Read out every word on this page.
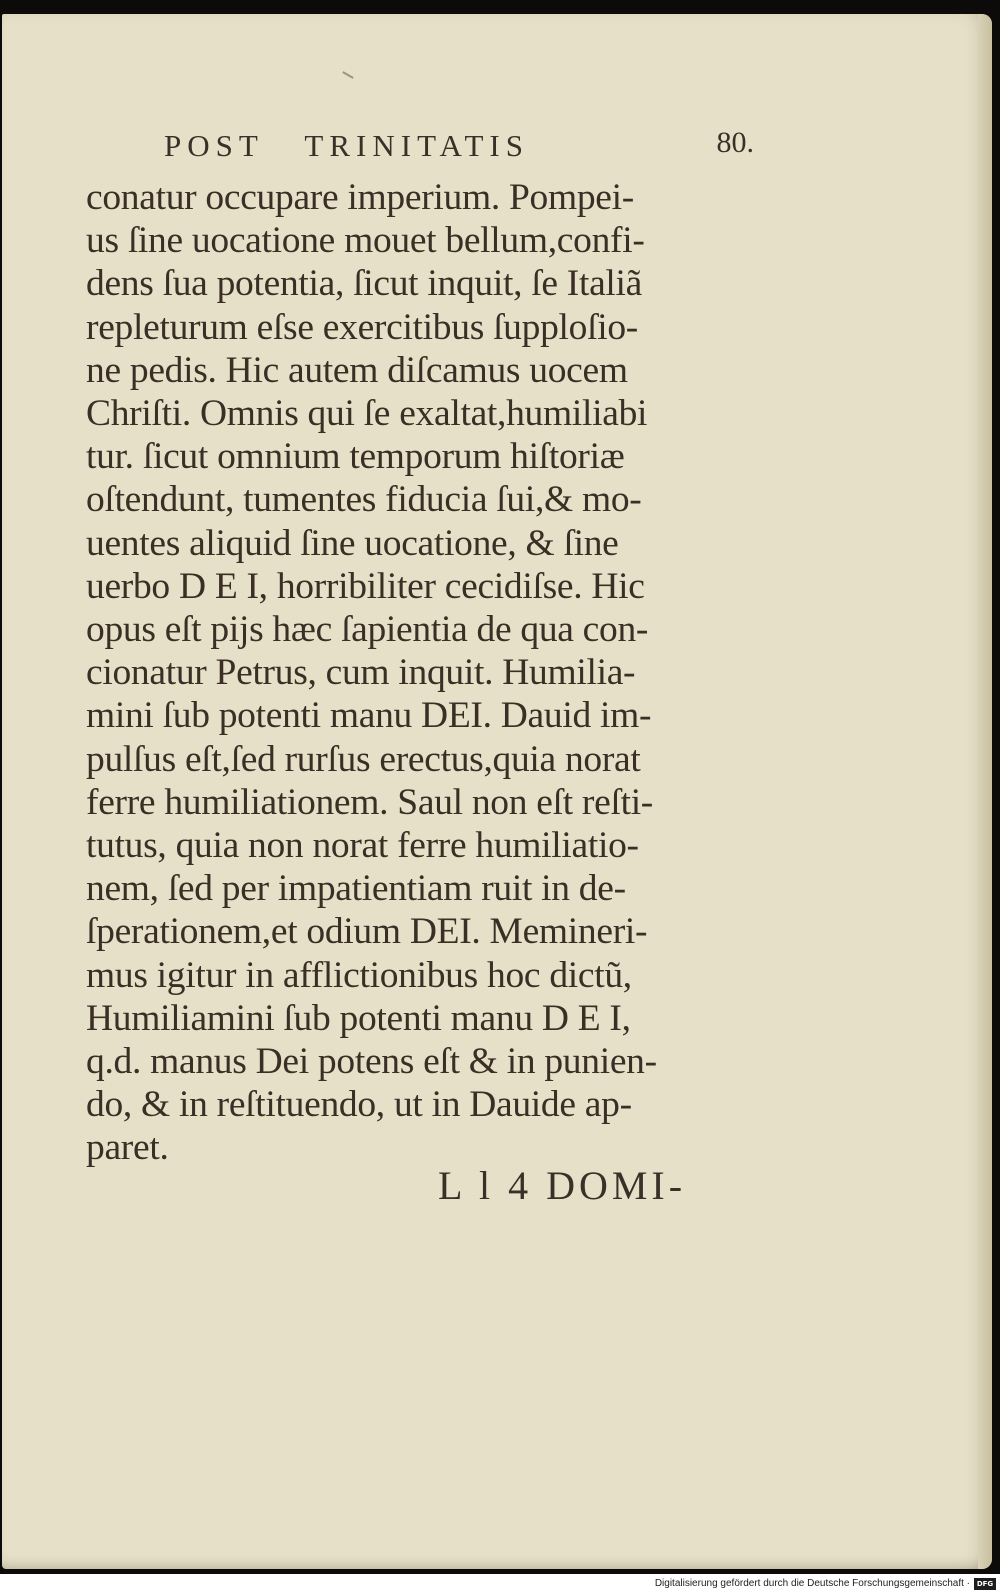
POST TRINITATIS	80.
conatur occupare imperium. Pompei-
us ſine uocatione mouet bellum,confi-
dens ſua potentia, ſicut inquit, ſe Italiã
repleturum eſse exercitibus ſupploſio-
ne pedis. Hic autem diſcamus uocem
Chriſti. Omnis qui ſe exaltat,humiliabi
tur. ſicut omnium temporum hiſtoriæ
oſtendunt, tumentes fiducia ſui,& mo-
uentes aliquid ſine uocatione, & ſine
uerbo D E I, horribiliter cecidiſse. Hic
opus eſt pijs hæc ſapientia de qua con-
cionatur Petrus, cum inquit. Humilia-
mini ſub potenti manu DEI. Dauid im-
pulſus eſt,ſed rurſus erectus,quia norat
ferre humiliationem. Saul non eſt reſti-
tutus, quia non norat ferre humiliatio-
nem, ſed per impatientiam ruit in de-
ſperationem,et odium DEI. Memineri-
mus igitur in afflictionibus hoc dictũ,
Humiliamini ſub potenti manu D E I,
q.d. manus Dei potens eſt & in punien-
do, & in reſtituendo, ut in Dauide ap-
paret.
L l 4 DOMI-
Digitalisierung gefördert durch die Deutsche Forschungsgemeinschaft · DFG
